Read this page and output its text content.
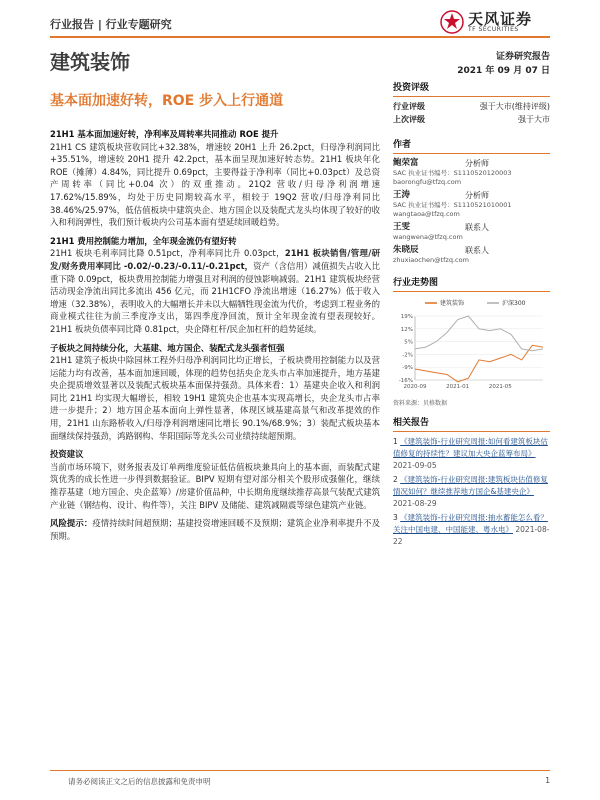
行业报告 | 行业专题研究	天风证券
TF SECURITIES
建筑装饰	证券研究报告
2021 年 09 月 07 日
基本面加速好转，ROE 步入上行通道
21H1 基本面加速好转，净利率及周转率共同推动 ROE 提升
21H1 CS 建筑板块营收同比+32.38%，增速较 20H1 上升 26.2pct，归母净利润同比+35.51%，增速较 20H1 提升 42.2pct，基本面呈现加速好转态势。21H1 板块年化 ROE（摊薄）4.84%，同比提升 0.69pct，主要得益于净利率（同比+0.03pct）及总资产周转率（同比+0.04 次）的双重推动。21Q2 营收/归母净利润增速 17.62%/15.89%，均处于历史同期较高水平，相较于 19Q2 营收/归母净利同比 38.46%/25.97%，低估值板块中建筑央企、地方国企以及装配式龙头均体现了较好的收入和利润弹性，我们预计板块内公司基本面有望延续回暖趋势。
21H1 费用控制能力增加，全年现金流仍有望好转
21H1 板块毛利率同比降 0.51pct，净利率同比升 0.03pct，21H1 板块销售/管理/研发/财务费用率同比 -0.02/-0.23/-0.11/-0.21pct，资产（含信用）减值损失占收入比重下降 0.09pct，板块费用控制能力增强且对利润的侵蚀影响减弱。21H1 建筑板块经营活动现金净流出同比多流出 456 亿元，而 21H1CFO 净流出增速（16.27%）低于收入增速（32.38%），表明收入的大幅增长并未以大幅牺牲现金流为代价，考虑到工程业务的商业模式往往为前三季度净支出，第四季度净回流，预计全年现金流有望表现较好。21H1 板块负债率同比降 0.81pct，央企降杠杆/民企加杠杆的趋势延续。
子板块之间持续分化，大基建、地方国企、装配式龙头强者恒强
21H1 建筑子板块中除园林工程外归母净利润同比均正增长，子板块费用控制能力以及营运能力均有改善，基本面加速回暖，体现的趋势包括央企龙头市占率加速提升，地方基建央企提质增效显著以及装配式板块基本面保持强劲。具体来看：1）基建央企收入和利润同比 21H1 均实现大幅增长，相较 19H1 建筑央企也基本实现高增长，央企龙头市占率进一步提升；2）地方国企基本面向上弹性显著，体现区域基建高景气和改革提效的作用，21H1 山东路桥收入/归母净利润增速同比增长 90.1%/68.9%；3）装配式板块基本面继续保持强劲，鸿路钢构、华阳国际等龙头公司业绩持续超预期。
投资建议
当前市场环境下，财务报表及订单两维度验证低估值板块兼具向上的基本面，而装配式建筑优秀的成长性进一步得到数据验证。BIPV 短期有望对部分相关个股形成强催化，继续推荐基建（地方国企、央企蓝筹）/房建价值品种，中长期角度继续推荐高景气装配式建筑产业链（钢结构、设计、构件等），关注 BIPV 及储能、建筑减隔震等绿色建筑产业链。
风险提示：疫情持续时间超预期；基建投资增速回暖不及预期；建筑企业净利率提升不及预期。
投资评级
行业评级	强于大市(维持评级)
上次评级	强于大市
作者
鲍荣富	分析师
SAC 执业证书编号：S1110520120003
baorongfu@tfzq.com
王涛	分析师
SAC 执业证书编号：S1110521010001
wangtaoa@tfzq.com
王雯	联系人
wangwena@tfzq.com
朱晓辰	联系人
zhuxiaochen@tfzq.com
行业走势图
19%
12%
5%
-2%
-9%
-16%
2020-09	2021-01	2021-05
建筑装饰	沪深300
资料来源：贝格数据
相关报告
1 《建筑装饰-行业研究周报:如何看建筑板块估值修复的持续性？建议加大央企蓝筹布局》 2021-09-05
2 《建筑装饰-行业研究周报:建筑板块估值修复情况如何？继续推荐地方国企&基建央企》 2021-08-29
3 《建筑装饰-行业研究周报:抽水蓄能怎么看？关注中国电建、中国能建、粤水电》 2021-08-22
请务必阅读正文之后的信息披露和免责申明	1
